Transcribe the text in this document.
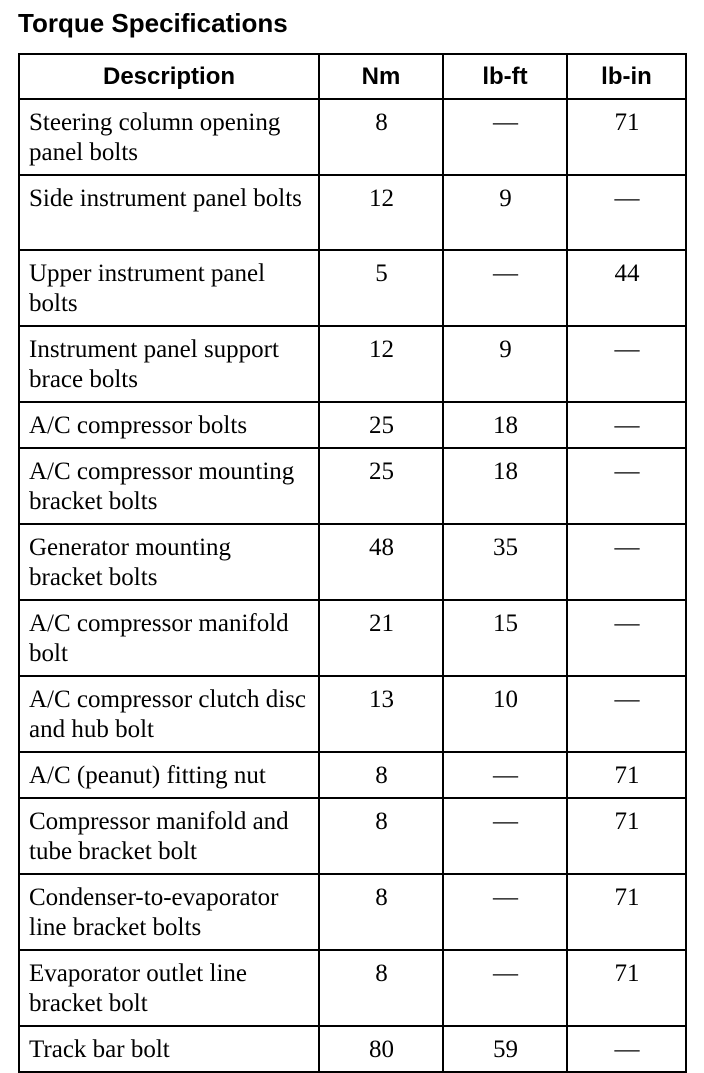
Torque Specifications
Description	Nm	lb-ft	lb-in
Steering column opening panel bolts	8	—	71
Side instrument panel bolts	12	9	—
Upper instrument panel bolts	5	—	44
Instrument panel support brace bolts	12	9	—
A/C compressor bolts	25	18	—
A/C compressor mounting bracket bolts	25	18	—
Generator mounting bracket bolts	48	35	—
A/C compressor manifold bolt	21	15	—
A/C compressor clutch disc and hub bolt	13	10	—
A/C (peanut) fitting nut	8	—	71
Compressor manifold and tube bracket bolt	8	—	71
Condenser-to-evaporator line bracket bolts	8	—	71
Evaporator outlet line bracket bolt	8	—	71
Track bar bolt	80	59	—
